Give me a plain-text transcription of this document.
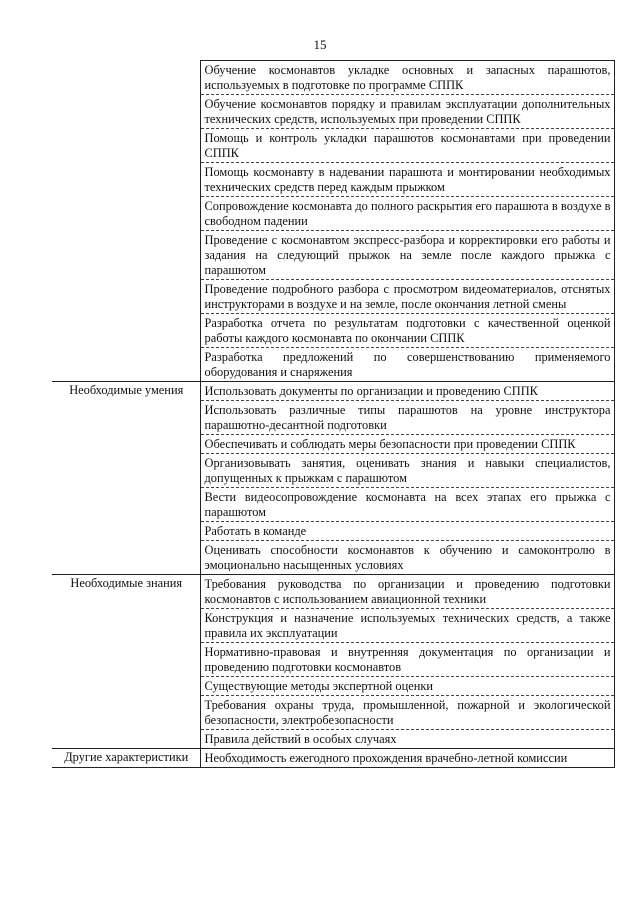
15
	Обучение космонавтов укладке основных и запасных парашютов, используемых в подготовке по программе СППК
	Обучение космонавтов порядку и правилам эксплуатации дополнительных технических средств, используемых при проведении СППК
	Помощь и контроль укладки парашютов космонавтами при проведении СППК
	Помощь космонавту в надевании парашюта и монтировании необходимых технических средств перед каждым прыжком
	Сопровождение космонавта до полного раскрытия его парашюта в воздухе в свободном падении
	Проведение с космонавтом экспресс-разбора и корректировки его работы и задания на следующий прыжок на земле после каждого прыжка с парашютом
	Проведение подробного разбора с просмотром видеоматериалов, отснятых инструкторами в воздухе и на земле, после окончания летной смены
	Разработка отчета по результатам подготовки с качественной оценкой работы каждого космонавта по окончании СППК
	Разработка предложений по совершенствованию применяемого оборудования и снаряжения
Необходимые умения	Использовать документы по организации и проведению СППК
	Использовать различные типы парашютов на уровне инструктора парашютно-десантной подготовки
	Обеспечивать и соблюдать меры безопасности при проведении СППК
	Организовывать занятия, оценивать знания и навыки специалистов, допущенных к прыжкам с парашютом
	Вести видеосопровождение космонавта на всех этапах его прыжка с парашютом
	Работать в команде
	Оценивать способности космонавтов к обучению и самоконтролю в эмоционально насыщенных условиях
Необходимые знания	Требования руководства по организации и проведению подготовки космонавтов с использованием авиационной техники
	Конструкция и назначение используемых технических средств, а также правила их эксплуатации
	Нормативно-правовая и внутренняя документация по организации и проведению подготовки космонавтов
	Существующие методы экспертной оценки
	Требования охраны труда, промышленной, пожарной и экологической безопасности, электробезопасности
	Правила действий в особых случаях
Другие характеристики	Необходимость ежегодного прохождения врачебно-летной комиссии
